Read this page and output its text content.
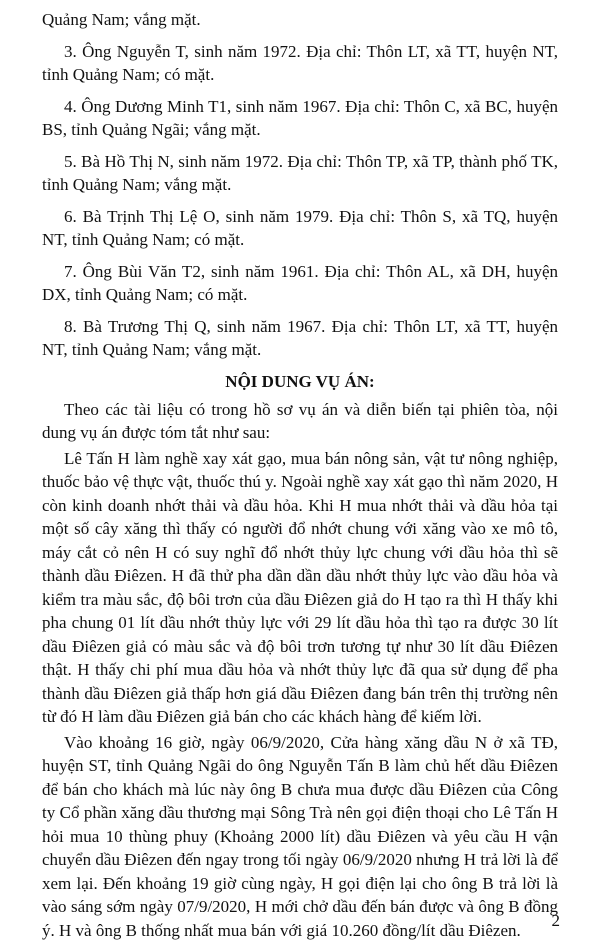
Quảng Nam; vắng mặt.

3. Ông Nguyễn T, sinh năm 1972. Địa chỉ: Thôn LT, xã TT, huyện NT, tỉnh Quảng Nam; có mặt.

4. Ông Dương Minh T1, sinh năm 1967. Địa chỉ: Thôn C, xã BC, huyện BS, tỉnh Quảng Ngãi; vắng mặt.

5. Bà Hồ Thị N, sinh năm 1972. Địa chỉ: Thôn TP, xã TP, thành phố TK, tỉnh Quảng Nam; vắng mặt.

6. Bà Trịnh Thị Lệ O, sinh năm 1979. Địa chỉ: Thôn S, xã TQ, huyện NT, tỉnh Quảng Nam; có mặt.

7. Ông Bùi Văn T2, sinh năm 1961. Địa chỉ: Thôn AL, xã DH, huyện DX, tỉnh Quảng Nam; có mặt.

8. Bà Trương Thị Q, sinh năm 1967. Địa chỉ: Thôn LT, xã TT, huyện NT, tỉnh Quảng Nam; vắng mặt.

NỘI DUNG VỤ ÁN:

Theo các tài liệu có trong hồ sơ vụ án và diễn biến tại phiên tòa, nội dung vụ án được tóm tắt như sau:

Lê Tấn H làm nghề xay xát gạo, mua bán nông sản, vật tư nông nghiệp, thuốc bảo vệ thực vật, thuốc thú y. Ngoài nghề xay xát gạo thì năm 2020, H còn kinh doanh nhớt thải và dầu hỏa. Khi H mua nhớt thải và dầu hỏa tại một số cây xăng thì thấy có người đổ nhớt chung với xăng vào xe mô tô, máy cắt cỏ nên H có suy nghĩ đổ nhớt thủy lực chung với dầu hỏa thì sẽ thành dầu Điêzen. H đã thử pha dần dần dầu nhớt thủy lực vào dầu hỏa và kiểm tra màu sắc, độ bôi trơn của dầu Điêzen giả do H tạo ra thì H thấy khi pha chung 01 lít dầu nhớt thủy lực với 29 lít dầu hỏa thì tạo ra được 30 lít dầu Điêzen giả có màu sắc và độ bôi trơn tương tự như 30 lít dầu Điêzen thật. H thấy chi phí mua dầu hỏa và nhớt thủy lực đã qua sử dụng để pha thành dầu Điêzen giả thấp hơn giá dầu Điêzen đang bán trên thị trường nên từ đó H làm dầu Điêzen giả bán cho các khách hàng để kiếm lời.

Vào khoảng 16 giờ, ngày 06/9/2020, Cửa hàng xăng dầu N ở xã TĐ, huyện ST, tỉnh Quảng Ngãi do ông Nguyễn Tấn B làm chủ hết dầu Điêzen để bán cho khách mà lúc này ông B chưa mua được dầu Điêzen của Công ty Cổ phần xăng dầu thương mại Sông Trà nên gọi điện thoại cho Lê Tấn H hỏi mua 10 thùng phuy (Khoảng 2000 lít) dầu Điêzen và yêu cầu H vận chuyển dầu Điêzen đến ngay trong tối ngày 06/9/2020 nhưng H trả lời là để xem lại. Đến khoảng 19 giờ cùng ngày, H gọi điện lại cho ông B trả lời là vào sáng sớm ngày 07/9/2020, H mới chở dầu đến bán được và ông B đồng ý. H và ông B thống nhất mua bán với giá 10.260 đồng/lít dầu Điêzen.	2
